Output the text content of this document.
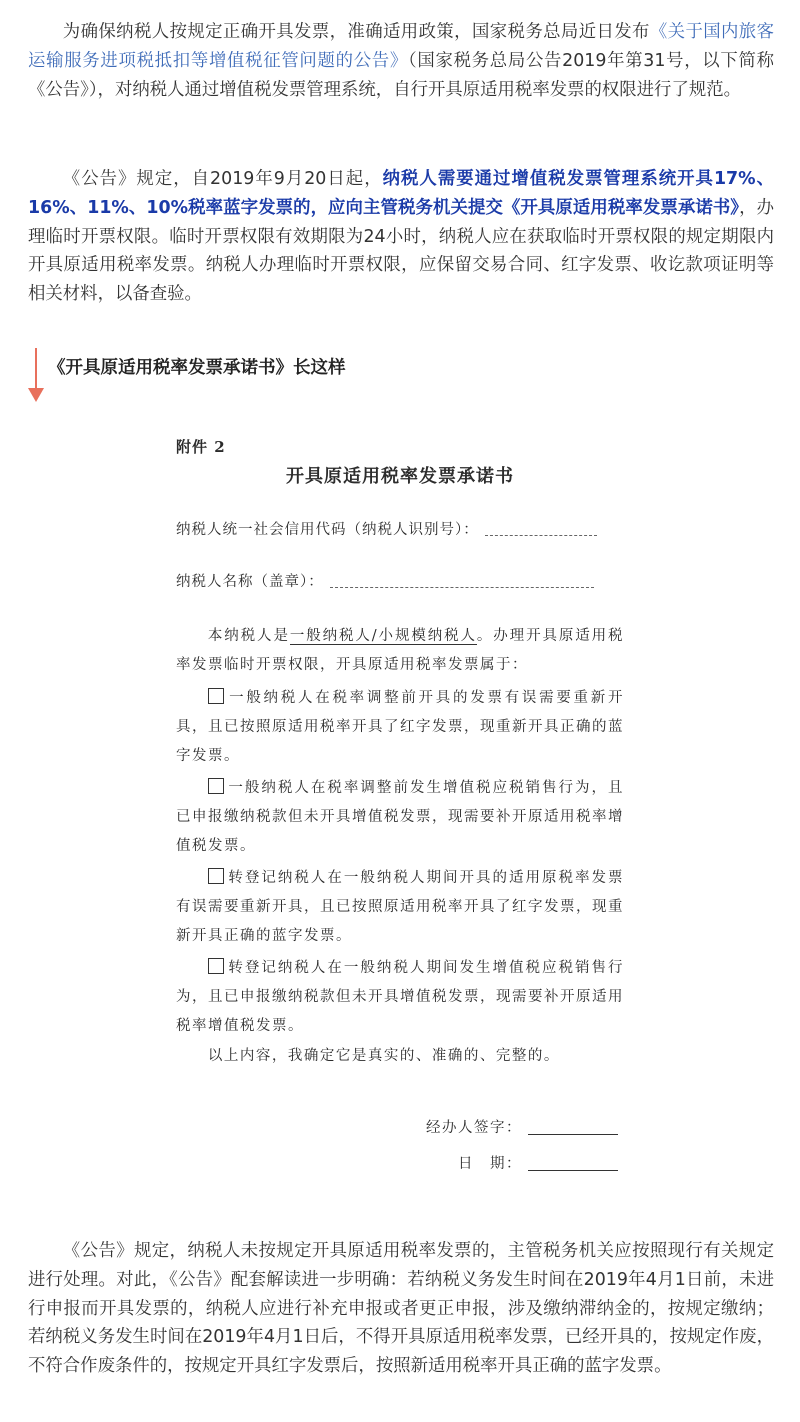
为确保纳税人按规定正确开具发票，准确适用政策，国家税务总局近日发布《关于国内旅客运输服务进项税抵扣等增值税征管问题的公告》（国家税务总局公告2019年第31号，以下简称《公告》），对纳税人通过增值税发票管理系统，自行开具原适用税率发票的权限进行了规范。

《公告》规定，自2019年9月20日起，纳税人需要通过增值税发票管理系统开具17%、16%、11%、10%税率蓝字发票的，应向主管税务机关提交《开具原适用税率发票承诺书》，办理临时开票权限。临时开票权限有效期限为24小时，纳税人应在获取临时开票权限的规定期限内开具原适用税率发票。纳税人办理临时开票权限，应保留交易合同、红字发票、收讫款项证明等相关材料，以备查验。

《开具原适用税率发票承诺书》长这样
附件 2
开具原适用税率发票承诺书
纳税人统一社会信用代码（纳税人识别号）：
纳税人名称（盖章）：
本纳税人是一般纳税人/小规模纳税人。办理开具原适用税率发票临时开票权限，开具原适用税率发票属于：
一般纳税人在税率调整前开具的发票有误需要重新开具，且已按照原适用税率开具了红字发票，现重新开具正确的蓝字发票。
一般纳税人在税率调整前发生增值税应税销售行为，且已申报缴纳税款但未开具增值税发票，现需要补开原适用税率增值税发票。
转登记纳税人在一般纳税人期间开具的适用原税率发票有误需要重新开具，且已按照原适用税率开具了红字发票，现重新开具正确的蓝字发票。
转登记纳税人在一般纳税人期间发生增值税应税销售行为，且已申报缴纳税款但未开具增值税发票，现需要补开原适用税率增值税发票。
以上内容，我确定它是真实的、准确的、完整的。
经办人签字：
日　期：

《公告》规定，纳税人未按规定开具原适用税率发票的，主管税务机关应按照现行有关规定进行处理。对此，《公告》配套解读进一步明确：若纳税义务发生时间在2019年4月1日前，未进行申报而开具发票的，纳税人应进行补充申报或者更正申报，涉及缴纳滞纳金的，按规定缴纳；若纳税义务发生时间在2019年4月1日后，不得开具原适用税率发票，已经开具的，按规定作废，不符合作废条件的，按规定开具红字发票后，按照新适用税率开具正确的蓝字发票。
